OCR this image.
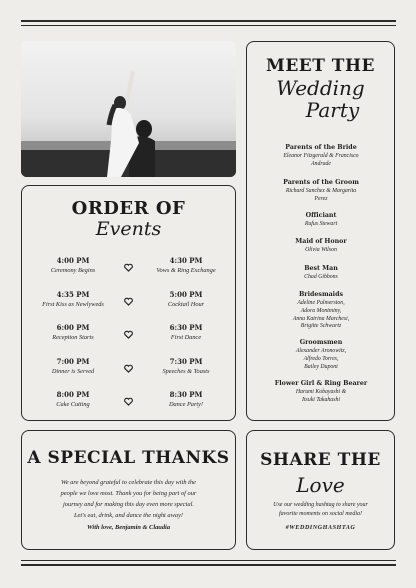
ORDER OF
Events
4:00 PM
Ceremony Begins
4:30 PM
Vows & Ring Exchange
4:35 PM
First Kiss as Newlyweds
5:00 PM
Cocktail Hour
6:00 PM
Reception Starts
6:30 PM
First Dance
7:00 PM
Dinner is Served
7:30 PM
Speeches & Toasts
8:00 PM
Cake Cutting
8:30 PM
Dance Party!
MEET THE
Wedding
Party
Parents of the Bride
Eleanor Fitzgerald & Francisco
Andrade
Parents of the Groom
Richard Sanchez & Margarita
Perez
Officiant
Rufus Stewart
Maid of Honor
Olivia Wilson
Best Man
Chad Gibbons
Bridesmaids
Adeline Palmerston,
Adora Montminy,
Anna Katrina Marchesi,
Brigitte Schwartz
Groomsmen
Alexander Aronowitz,
Alfredo Torres,
Bailey Dupont
Flower Girl & Ring Bearer
Harumi Kobayashi &
Itsuki Takahashi
A SPECIAL THANKS
We are beyond grateful to celebrate this day with the
people we love most. Thank you for being part of our
journey and for making this day even more special.
Let's eat, drink, and dance the night away!
With love, Benjamin & Claudia
SHARE THE
Love
Use our wedding hashtag to share your
favorite moments on social media!
#WEDDINGHASHTAG
